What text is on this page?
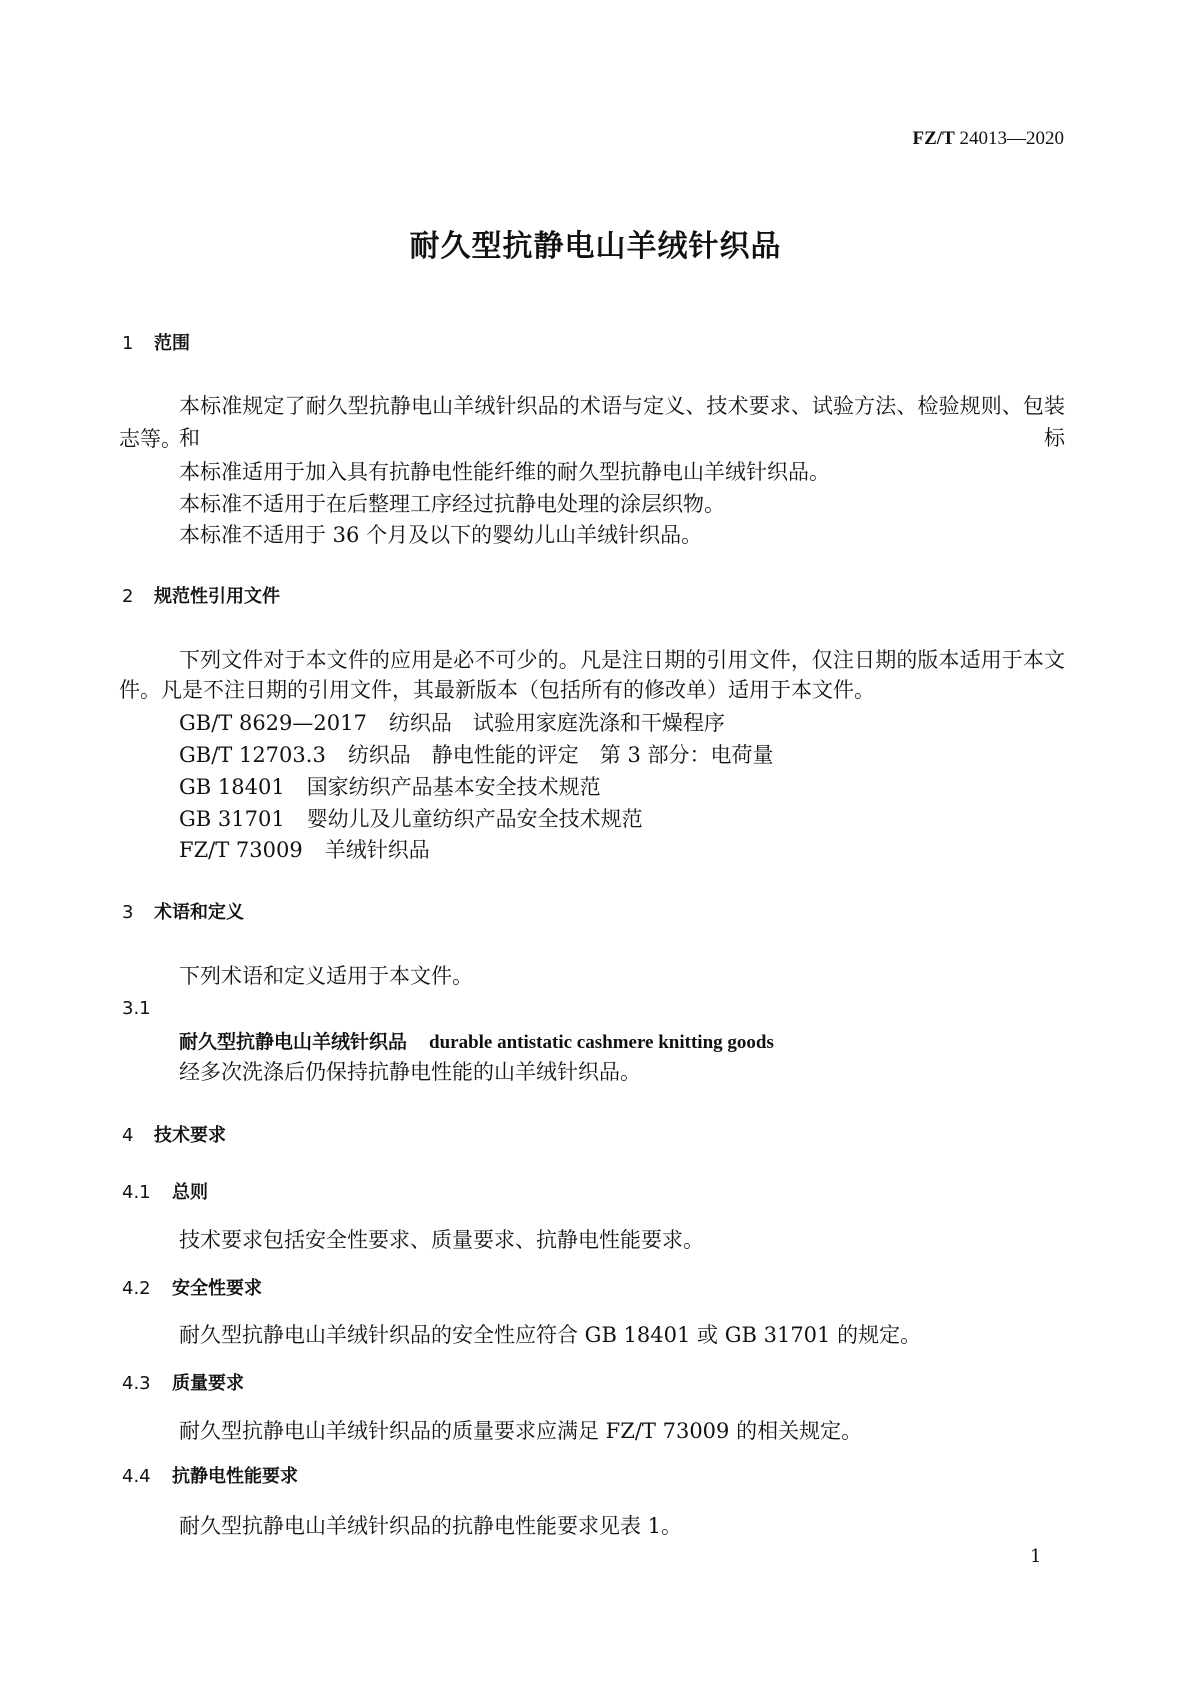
FZ/T 24013—2020
耐久型抗静电山羊绒针织品
1 范围
本标准规定了耐久型抗静电山羊绒针织品的术语与定义、技术要求、试验方法、检验规则、包装和标
志等。
本标准适用于加入具有抗静电性能纤维的耐久型抗静电山羊绒针织品。
本标准不适用于在后整理工序经过抗静电处理的涂层织物。
本标准不适用于 36 个月及以下的婴幼儿山羊绒针织品。
2 规范性引用文件
下列文件对于本文件的应用是必不可少的。凡是注日期的引用文件，仅注日期的版本适用于本文
件。凡是不注日期的引用文件，其最新版本（包括所有的修改单）适用于本文件。
GB/T 8629—2017 纺织品　试验用家庭洗涤和干燥程序
GB/T 12703.3 纺织品　静电性能的评定　第 3 部分：电荷量
GB 18401 国家纺织产品基本安全技术规范
GB 31701 婴幼儿及儿童纺织产品安全技术规范
FZ/T 73009 羊绒针织品
3 术语和定义
下列术语和定义适用于本文件。
3.1
耐久型抗静电山羊绒针织品 durable antistatic cashmere knitting goods
经多次洗涤后仍保持抗静电性能的山羊绒针织品。
4 技术要求
4.1 总则
技术要求包括安全性要求、质量要求、抗静电性能要求。
4.2 安全性要求
耐久型抗静电山羊绒针织品的安全性应符合 GB 18401 或 GB 31701 的规定。
4.3 质量要求
耐久型抗静电山羊绒针织品的质量要求应满足 FZ/T 73009 的相关规定。
4.4 抗静电性能要求
耐久型抗静电山羊绒针织品的抗静电性能要求见表 1。
1
